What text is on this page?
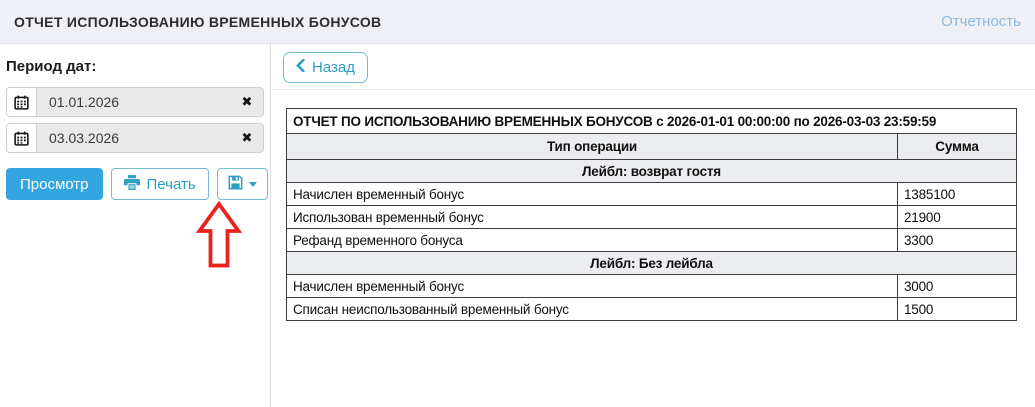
ОТЧЕТ ИСПОЛЬЗОВАНИЮ ВРЕМЕННЫХ БОНУСОВ	Отчетность
Период дат:
01.01.2026
✖
03.03.2026
✖
Просмотр	Печать
Назад
ОТЧЕТ ПО ИСПОЛЬЗОВАНИЮ ВРЕМЕННЫХ БОНУСОВ с 2026-01-01 00:00:00 по 2026-03-03 23:59:59	
Тип операции	Сумма
Лейбл: возврат гостя	
Начислен временный бонус	1385100
Использован временный бонус	21900
Рефанд временного бонуса	3300
Лейбл: Без лейбла	
Начислен временный бонус	3000
Списан неиспользованный временный бонус	1500
